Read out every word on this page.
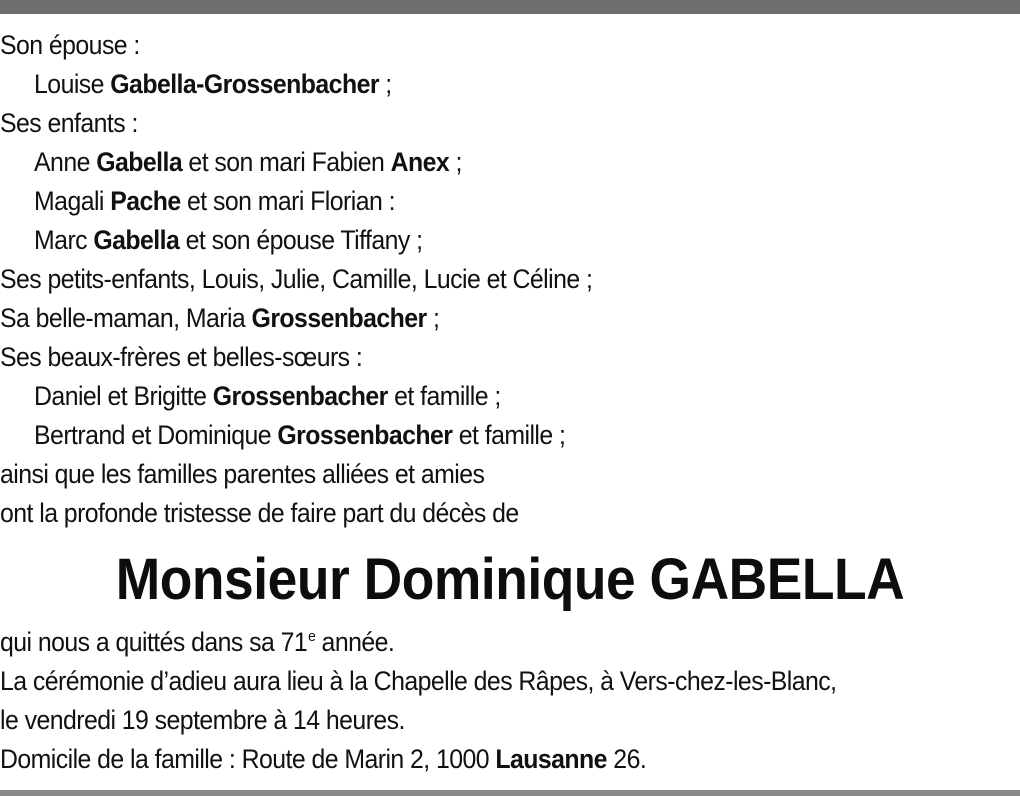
Son épouse :
Louise Gabella-Grossenbacher ;
Ses enfants :
Anne Gabella et son mari Fabien Anex ;
Magali Pache et son mari Florian :
Marc Gabella et son épouse Tiffany ;
Ses petits-enfants, Louis, Julie, Camille, Lucie et Céline ;
Sa belle-maman, Maria Grossenbacher ;
Ses beaux-frères et belles-sœurs :
Daniel et Brigitte Grossenbacher et famille ;
Bertrand et Dominique Grossenbacher et famille ;
ainsi que les familles parentes alliées et amies
ont la profonde tristesse de faire part du décès de
Monsieur Dominique GABELLA
qui nous a quittés dans sa 71e année.
La cérémonie d’adieu aura lieu à la Chapelle des Râpes, à Vers-chez-les-Blanc,
le vendredi 19 septembre à 14 heures.
Domicile de la famille : Route de Marin 2, 1000 Lausanne 26.
